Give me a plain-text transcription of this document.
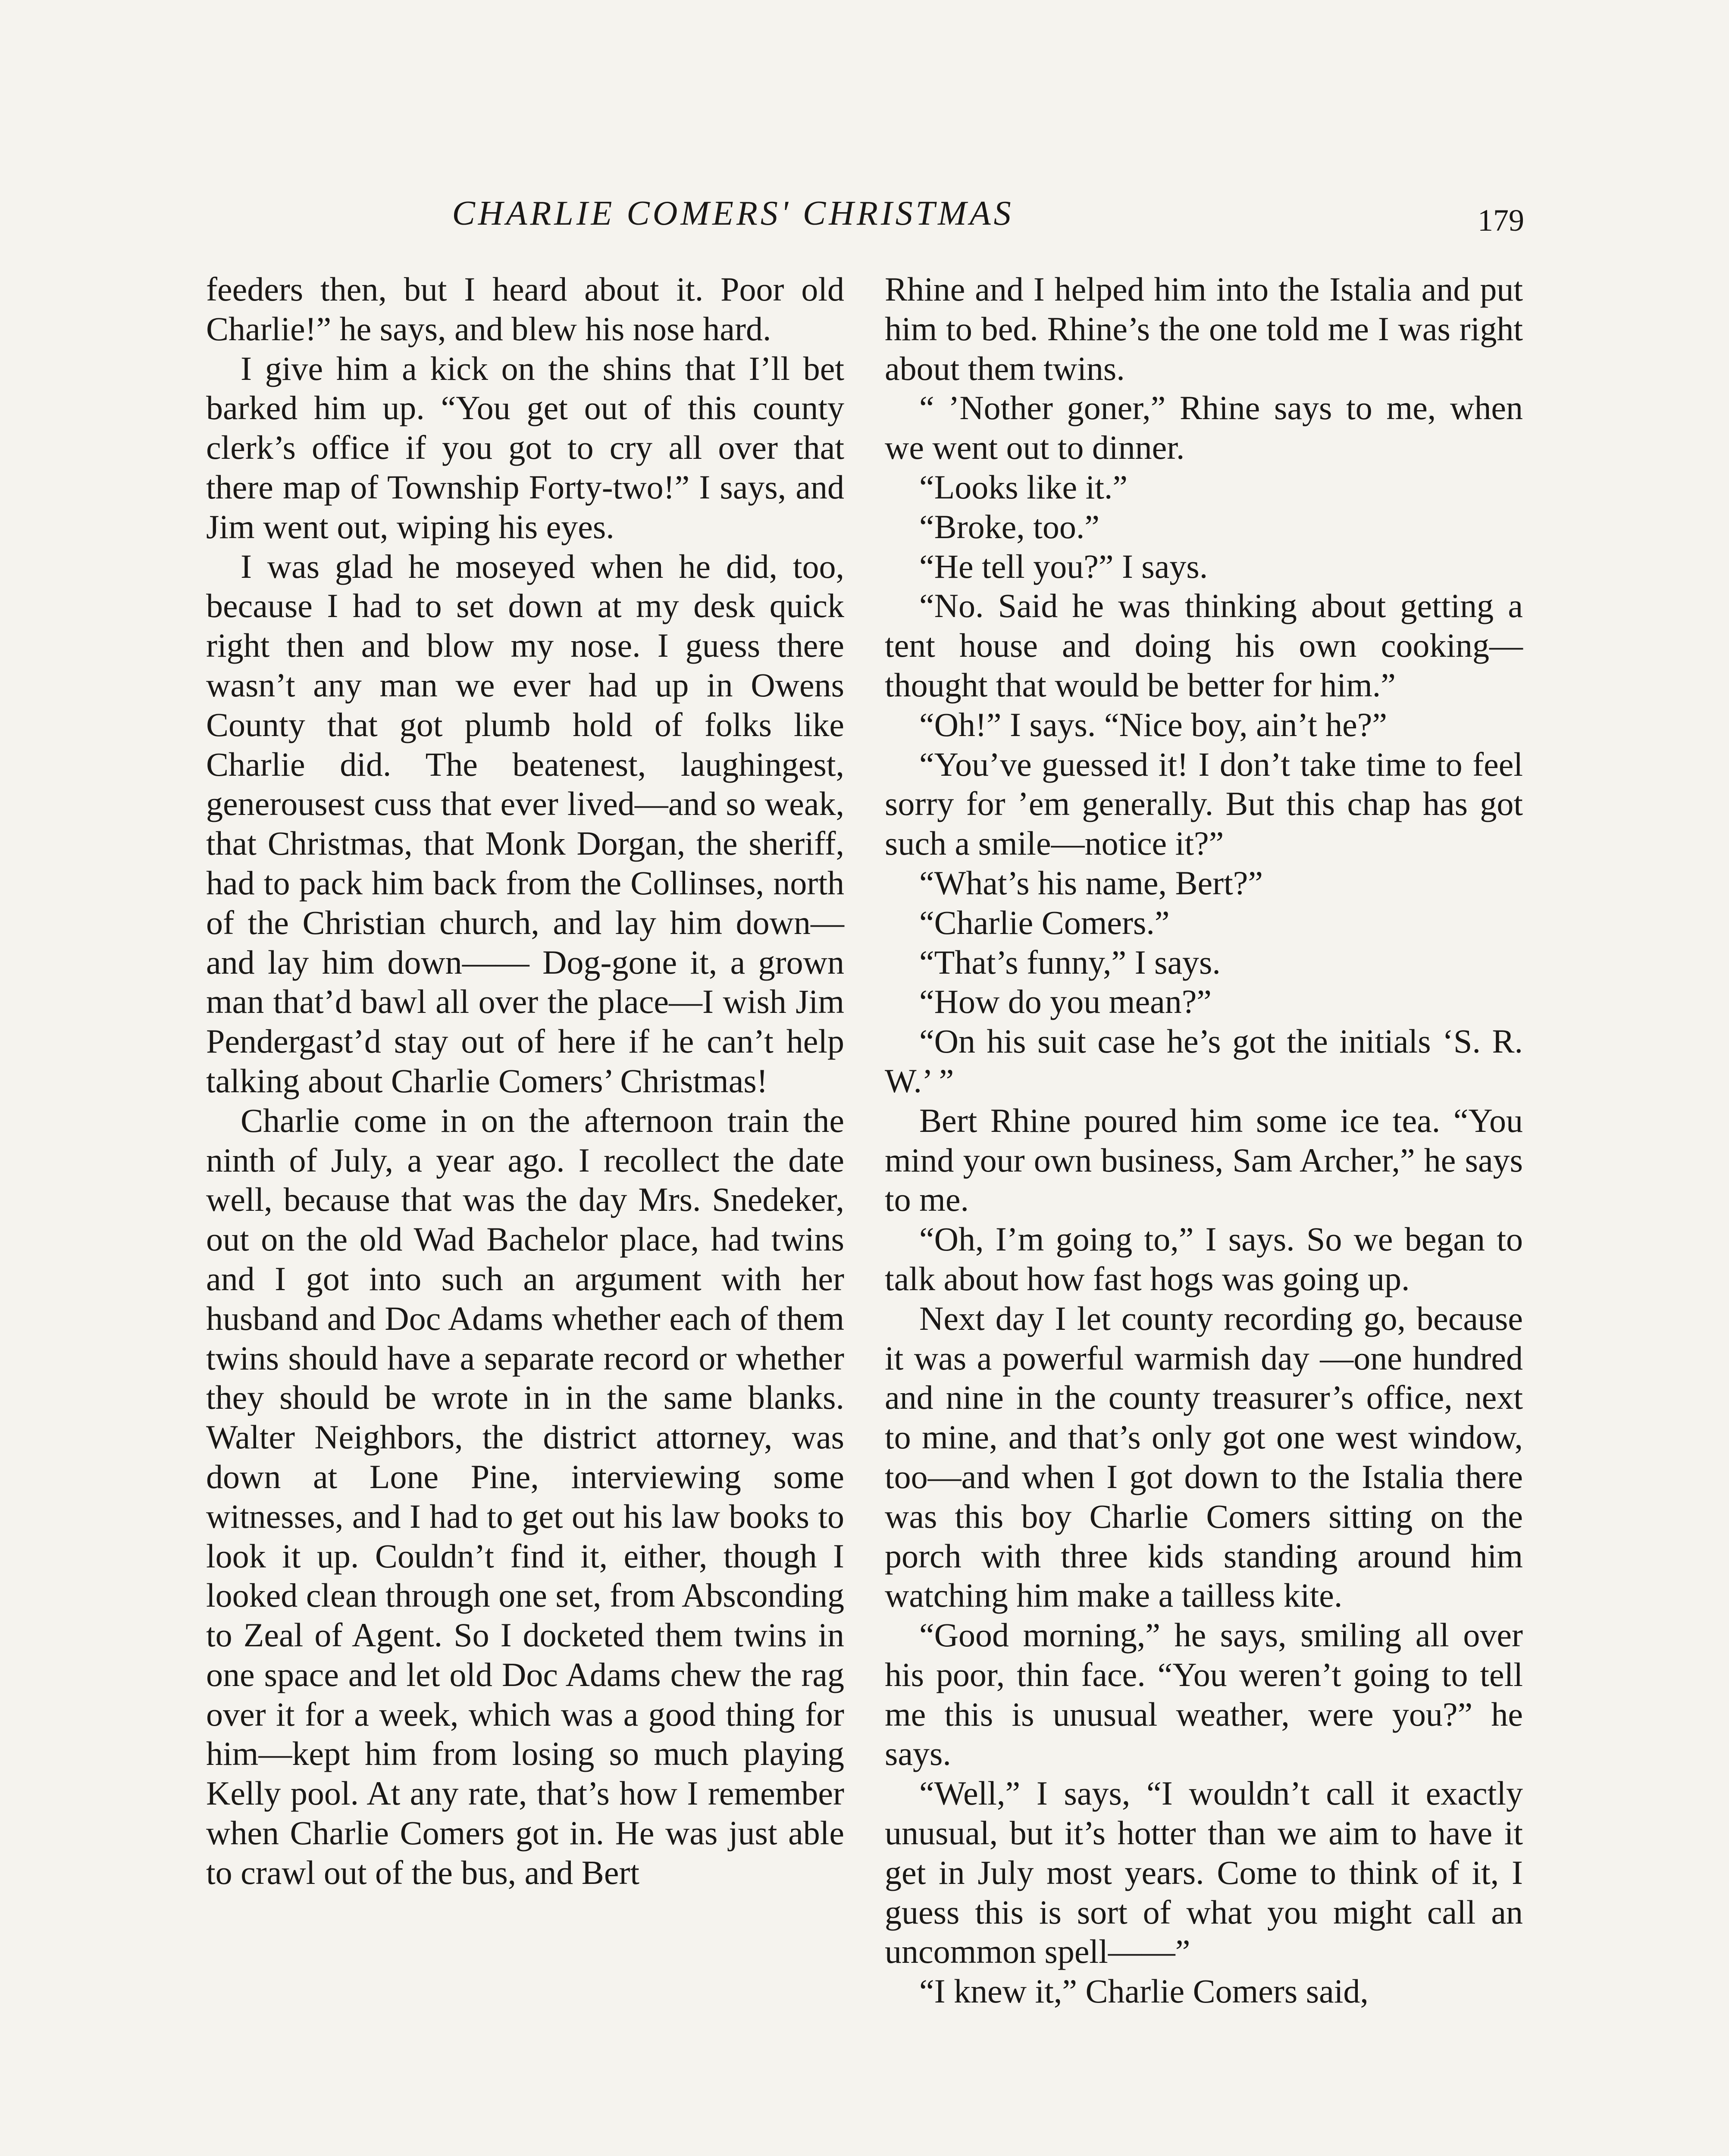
CHARLIE COMERS' CHRISTMAS	179

feeders then, but I heard about it. Poor old Charlie!” he says, and blew his nose hard.

I give him a kick on the shins that I’ll bet barked him up. “You get out of this county clerk’s office if you got to cry all over that there map of Township Forty-two!” I says, and Jim went out, wiping his eyes.

I was glad he moseyed when he did, too, because I had to set down at my desk quick right then and blow my nose. I guess there wasn’t any man we ever had up in Owens County that got plumb hold of folks like Charlie did. The beatenest, laughingest, generousest cuss that ever lived—and so weak, that Christmas, that Monk Dorgan, the sheriff, had to pack him back from the Collinses, north of the Christian church, and lay him down—and lay him down—— Dog-gone it, a grown man that’d bawl all over the place—I wish Jim Pendergast’d stay out of here if he can’t help talking about Charlie Comers’ Christmas!

Charlie come in on the afternoon train the ninth of July, a year ago. I recollect the date well, because that was the day Mrs. Snedeker, out on the old Wad Bachelor place, had twins and I got into such an argument with her husband and Doc Adams whether each of them twins should have a separate record or whether they should be wrote in in the same blanks. Walter Neighbors, the district attorney, was down at Lone Pine, interviewing some witnesses, and I had to get out his law books to look it up. Couldn’t find it, either, though I looked clean through one set, from Absconding to Zeal of Agent. So I docketed them twins in one space and let old Doc Adams chew the rag over it for a week, which was a good thing for him—kept him from losing so much playing Kelly pool. At any rate, that’s how I remember when Charlie Comers got in. He was just able to crawl out of the bus, and Bert

Rhine and I helped him into the Istalia and put him to bed. Rhine’s the one told me I was right about them twins.

“ ’Nother goner,” Rhine says to me, when we went out to dinner.

“Looks like it.”

“Broke, too.”

“He tell you?” I says.

“No. Said he was thinking about getting a tent house and doing his own cooking—thought that would be better for him.”

“Oh!” I says. “Nice boy, ain’t he?”

“You’ve guessed it! I don’t take time to feel sorry for ’em generally. But this chap has got such a smile—notice it?”

“What’s his name, Bert?”

“Charlie Comers.”

“That’s funny,” I says.

“How do you mean?”

“On his suit case he’s got the initials ‘S. R. W.’ ”

Bert Rhine poured him some ice tea. “You mind your own business, Sam Archer,” he says to me.

“Oh, I’m going to,” I says. So we began to talk about how fast hogs was going up.

Next day I let county recording go, because it was a powerful warmish day —one hundred and nine in the county treasurer’s office, next to mine, and that’s only got one west window, too—and when I got down to the Istalia there was this boy Charlie Comers sitting on the porch with three kids standing around him watching him make a tailless kite.

“Good morning,” he says, smiling all over his poor, thin face. “You weren’t going to tell me this is unusual weather, were you?” he says.

“Well,” I says, “I wouldn’t call it exactly unusual, but it’s hotter than we aim to have it get in July most years. Come to think of it, I guess this is sort of what you might call an uncommon spell——”

“I knew it,” Charlie Comers said,
